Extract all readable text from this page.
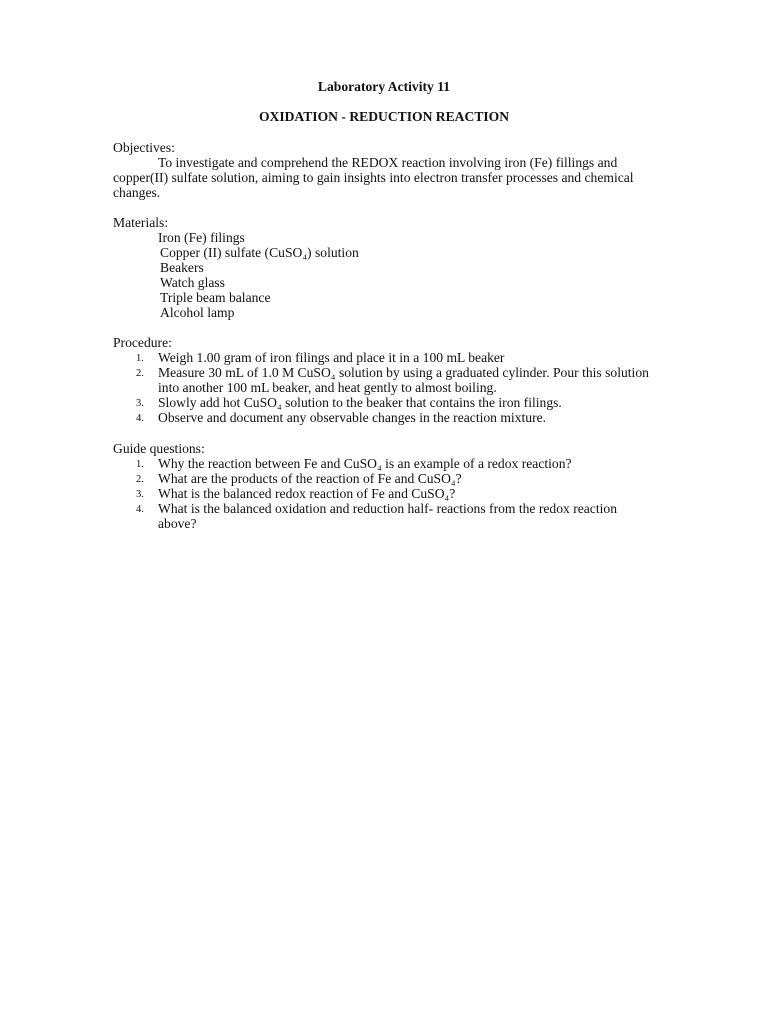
Laboratory Activity 11
OXIDATION - REDUCTION REACTION
Objectives:

To investigate and comprehend the REDOX reaction involving iron (Fe) fillings and copper(II) sulfate solution, aiming to gain insights into electron transfer processes and chemical changes.

Materials:
Iron (Fe) filings
Copper (II) sulfate (CuSO₄) solution
Beakers
Watch glass
Triple beam balance
Alcohol lamp
Procedure:
1. Weigh 1.00 gram of iron filings and place it in a 100 mL beaker
2. Measure 30 mL of 1.0 M CuSO₄ solution by using a graduated cylinder. Pour this solution into another 100 mL beaker, and heat gently to almost boiling.
3. Slowly add hot CuSO₄ solution to the beaker that contains the iron filings.
4. Observe and document any observable changes in the reaction mixture.
Guide questions:
1. Why the reaction between Fe and CuSO₄ is an example of a redox reaction?
2. What are the products of the reaction of Fe and CuSO₄?
3. What is the balanced redox reaction of Fe and CuSO₄?
4. What is the balanced oxidation and reduction half- reactions from the redox reaction above?
